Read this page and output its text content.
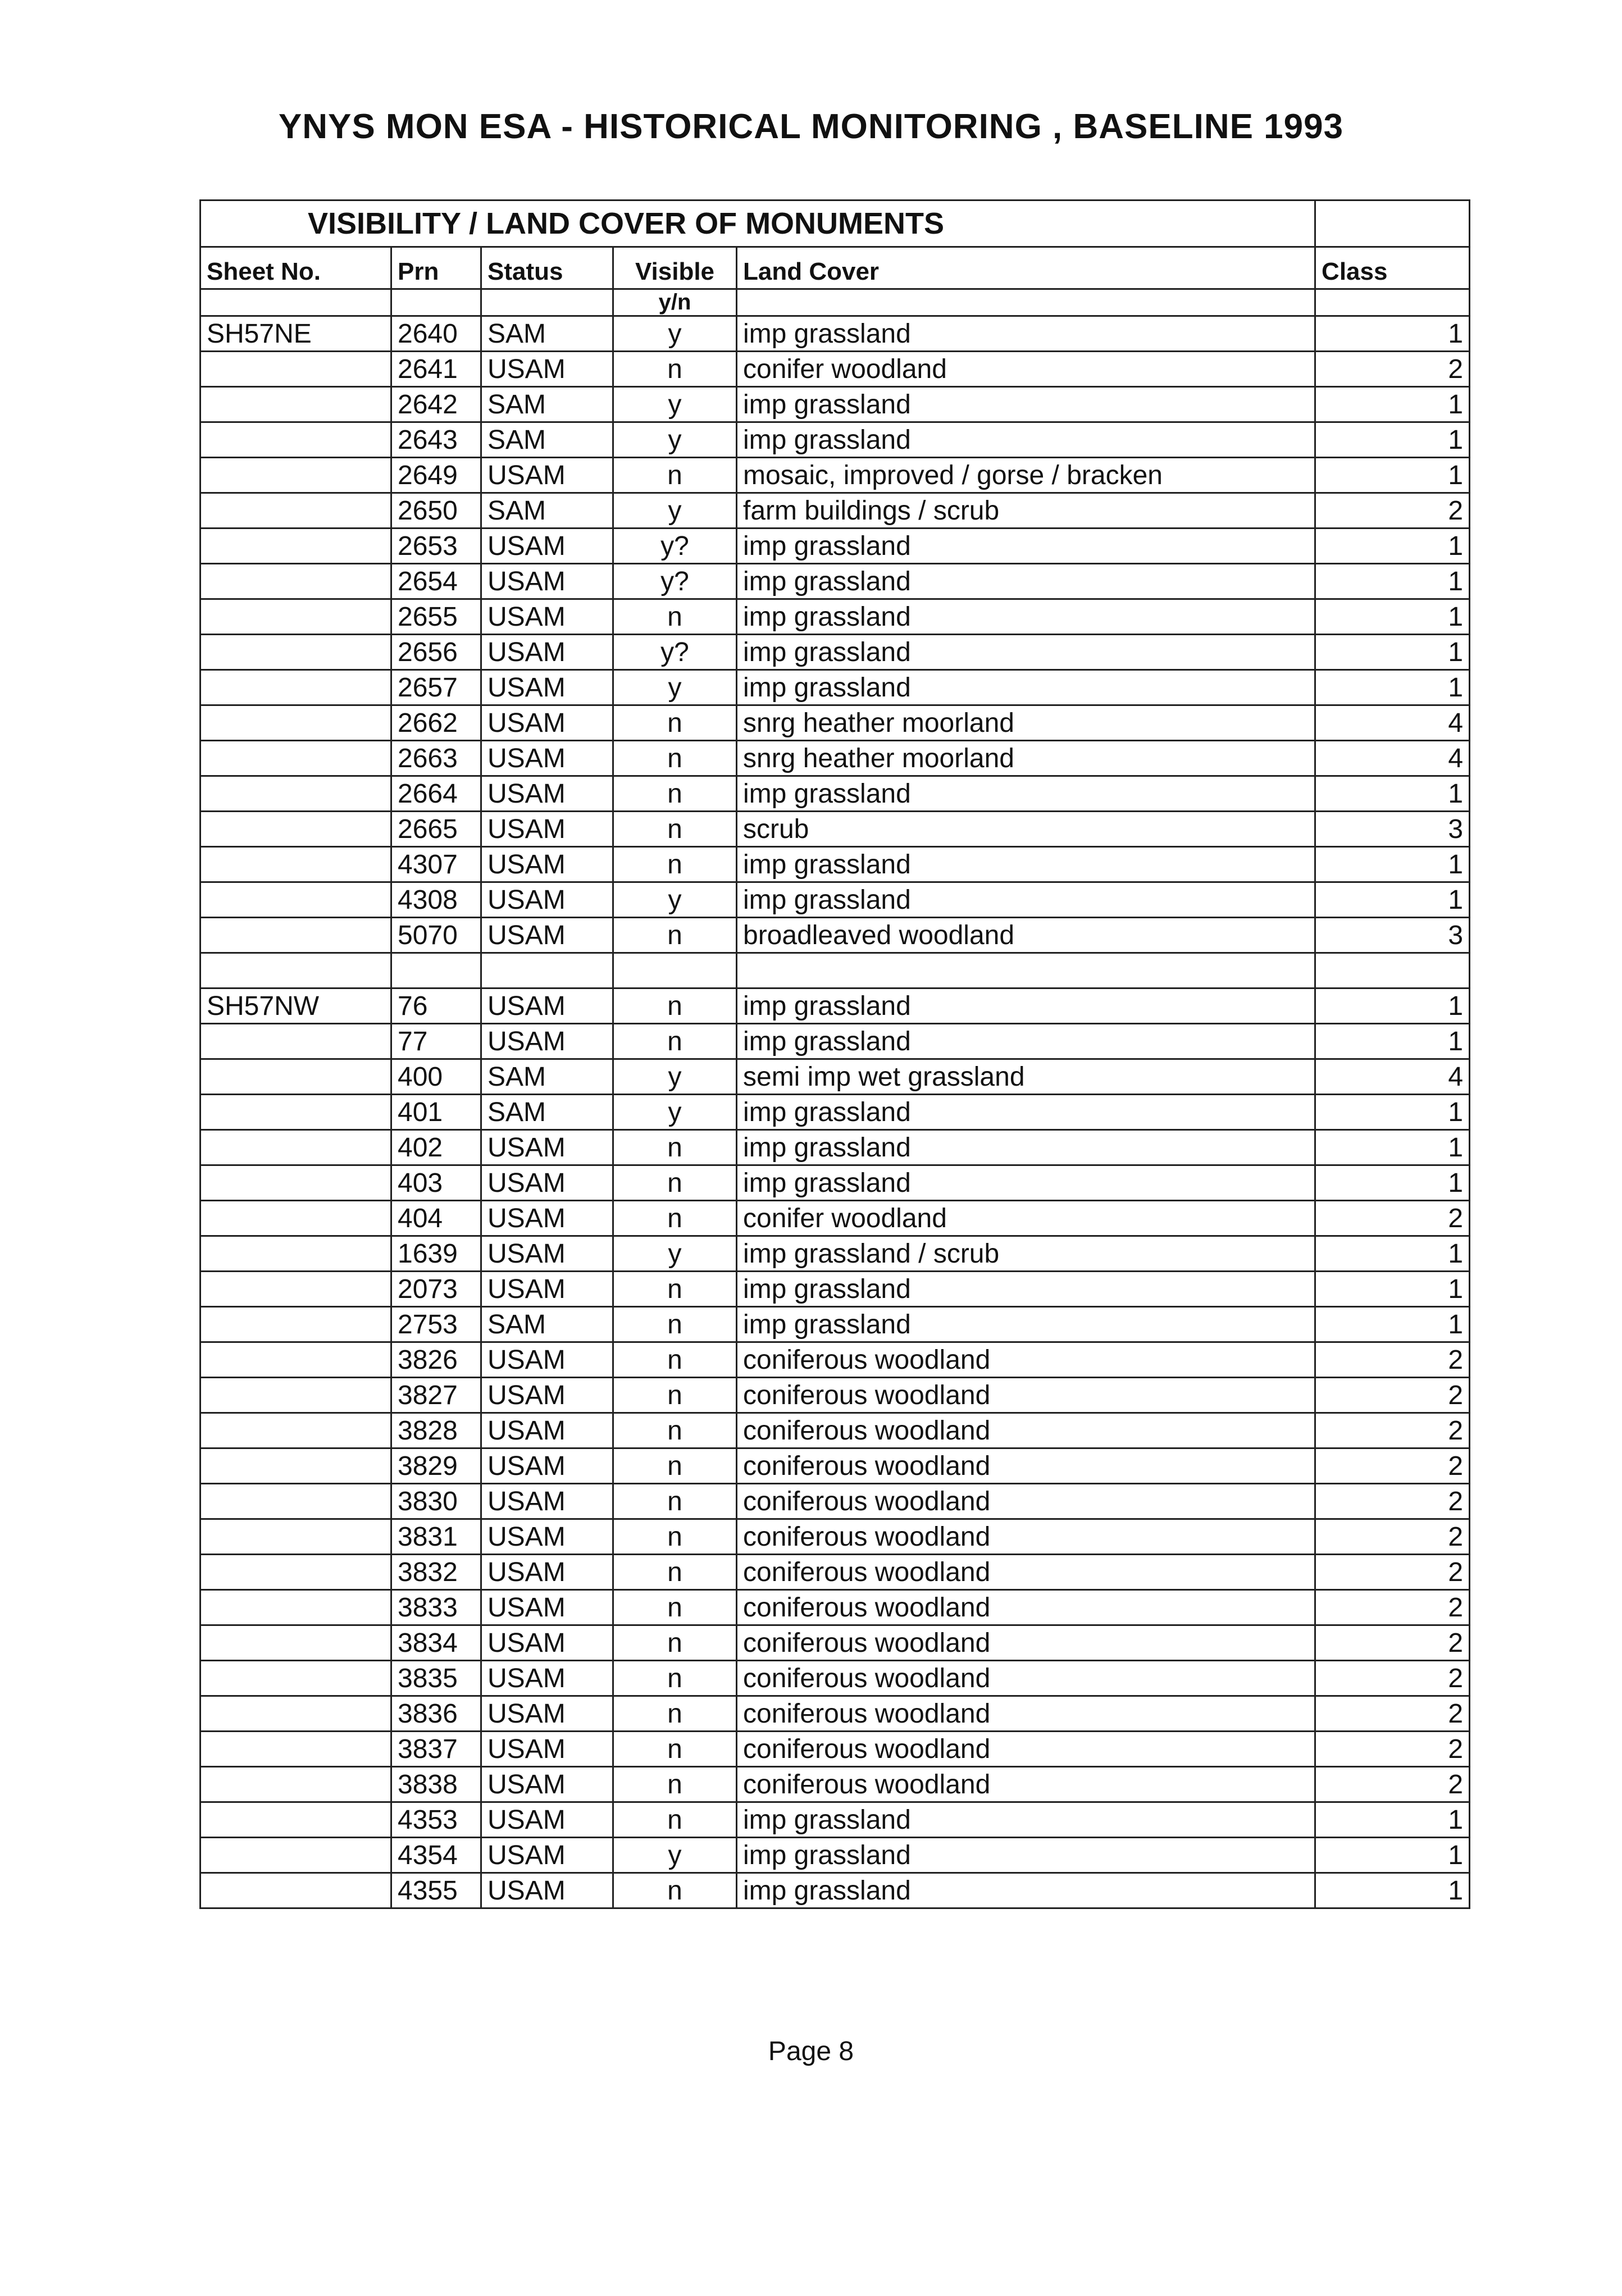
YNYS MON ESA - HISTORICAL MONITORING , BASELINE 1993
VISIBILITY / LAND COVER OF MONUMENTS					
Sheet No.	Prn	Status	Visible	Land Cover	Class
			y/n		
SH57NE	2640	SAM	y	imp grassland	1
	2641	USAM	n	conifer woodland	2
	2642	SAM	y	imp grassland	1
	2643	SAM	y	imp grassland	1
	2649	USAM	n	mosaic, improved / gorse / bracken	1
	2650	SAM	y	farm buildings / scrub	2
	2653	USAM	y?	imp grassland	1
	2654	USAM	y?	imp grassland	1
	2655	USAM	n	imp grassland	1
	2656	USAM	y?	imp grassland	1
	2657	USAM	y	imp grassland	1
	2662	USAM	n	snrg heather moorland	4
	2663	USAM	n	snrg heather moorland	4
	2664	USAM	n	imp grassland	1
	2665	USAM	n	scrub	3
	4307	USAM	n	imp grassland	1
	4308	USAM	y	imp grassland	1
	5070	USAM	n	broadleaved woodland	3

SH57NW	76	USAM	n	imp grassland	1
	77	USAM	n	imp grassland	1
	400	SAM	y	semi imp wet grassland	4
	401	SAM	y	imp grassland	1
	402	USAM	n	imp grassland	1
	403	USAM	n	imp grassland	1
	404	USAM	n	conifer woodland	2
	1639	USAM	y	imp grassland / scrub	1
	2073	USAM	n	imp grassland	1
	2753	SAM	n	imp grassland	1
	3826	USAM	n	coniferous woodland	2
	3827	USAM	n	coniferous woodland	2
	3828	USAM	n	coniferous woodland	2
	3829	USAM	n	coniferous woodland	2
	3830	USAM	n	coniferous woodland	2
	3831	USAM	n	coniferous woodland	2
	3832	USAM	n	coniferous woodland	2
	3833	USAM	n	coniferous woodland	2
	3834	USAM	n	coniferous woodland	2
	3835	USAM	n	coniferous woodland	2
	3836	USAM	n	coniferous woodland	2
	3837	USAM	n	coniferous woodland	2
	3838	USAM	n	coniferous woodland	2
	4353	USAM	n	imp grassland	1
	4354	USAM	y	imp grassland	1
	4355	USAM	n	imp grassland	1
Page 8
